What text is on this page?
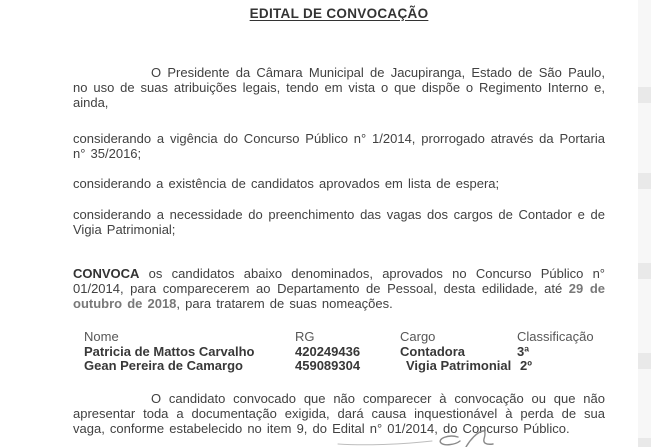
EDITAL DE CONVOCAÇÃO

O Presidente da Câmara Municipal de Jacupiranga, Estado de São Paulo, no uso de suas atribuições legais, tendo em vista o que dispõe o Regimento Interno e, ainda,

considerando a vigência do Concurso Público n° 1/2014, prorrogado através da Portaria n° 35/2016;

considerando a existência de candidatos aprovados em lista de espera;

considerando a necessidade do preenchimento das vagas dos cargos de Contador e de Vigia Patrimonial;

CONVOCA os candidatos abaixo denominados, aprovados no Concurso Público n° 01/2014, para comparecerem ao Departamento de Pessoal, desta edilidade, até 29 de outubro de 2018, para tratarem de suas nomeações.

Nome	RG	Cargo	Classificação
Patricia de Mattos Carvalho	420249436	Contadora	3ª
Gean Pereira de Camargo	459089304	Vigia Patrimonial 2º

O candidato convocado que não comparecer à convocação ou que não apresentar toda a documentação exigida, dará causa inquestionável à perda de sua vaga, conforme estabelecido no item 9, do Edital n° 01/2014, do Concurso Público.
